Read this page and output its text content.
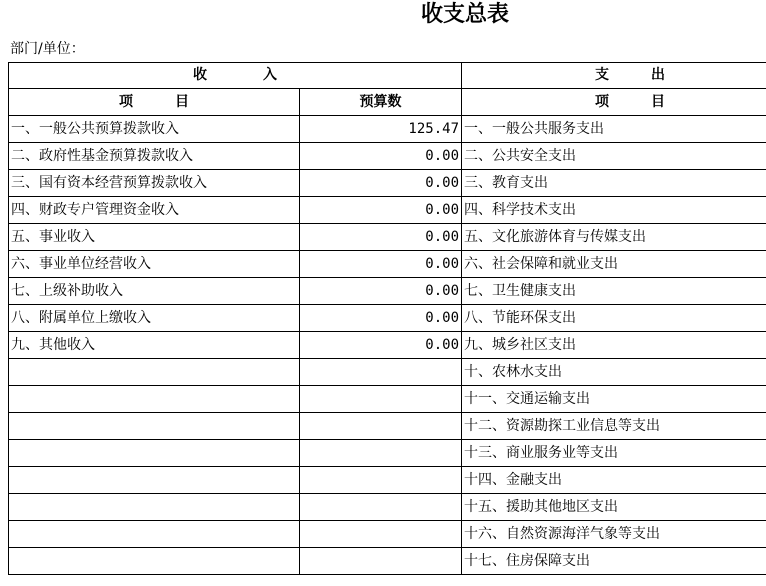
收支总表
部门/单位：
收　　　　入		支　　　出
项　　　目	预算数	项　　　目
一、一般公共预算拨款收入	125.47	一、一般公共服务支出
二、政府性基金预算拨款收入	0.00	二、公共安全支出
三、国有资本经营预算拨款收入	0.00	三、教育支出
四、财政专户管理资金收入	0.00	四、科学技术支出
五、事业收入	0.00	五、文化旅游体育与传媒支出
六、事业单位经营收入	0.00	六、社会保障和就业支出
七、上级补助收入	0.00	七、卫生健康支出
八、附属单位上缴收入	0.00	八、节能环保支出
九、其他收入	0.00	九、城乡社区支出
		十、农林水支出
		十一、交通运输支出
		十二、资源勘探工业信息等支出
		十三、商业服务业等支出
		十四、金融支出
		十五、援助其他地区支出
		十六、自然资源海洋气象等支出
		十七、住房保障支出
